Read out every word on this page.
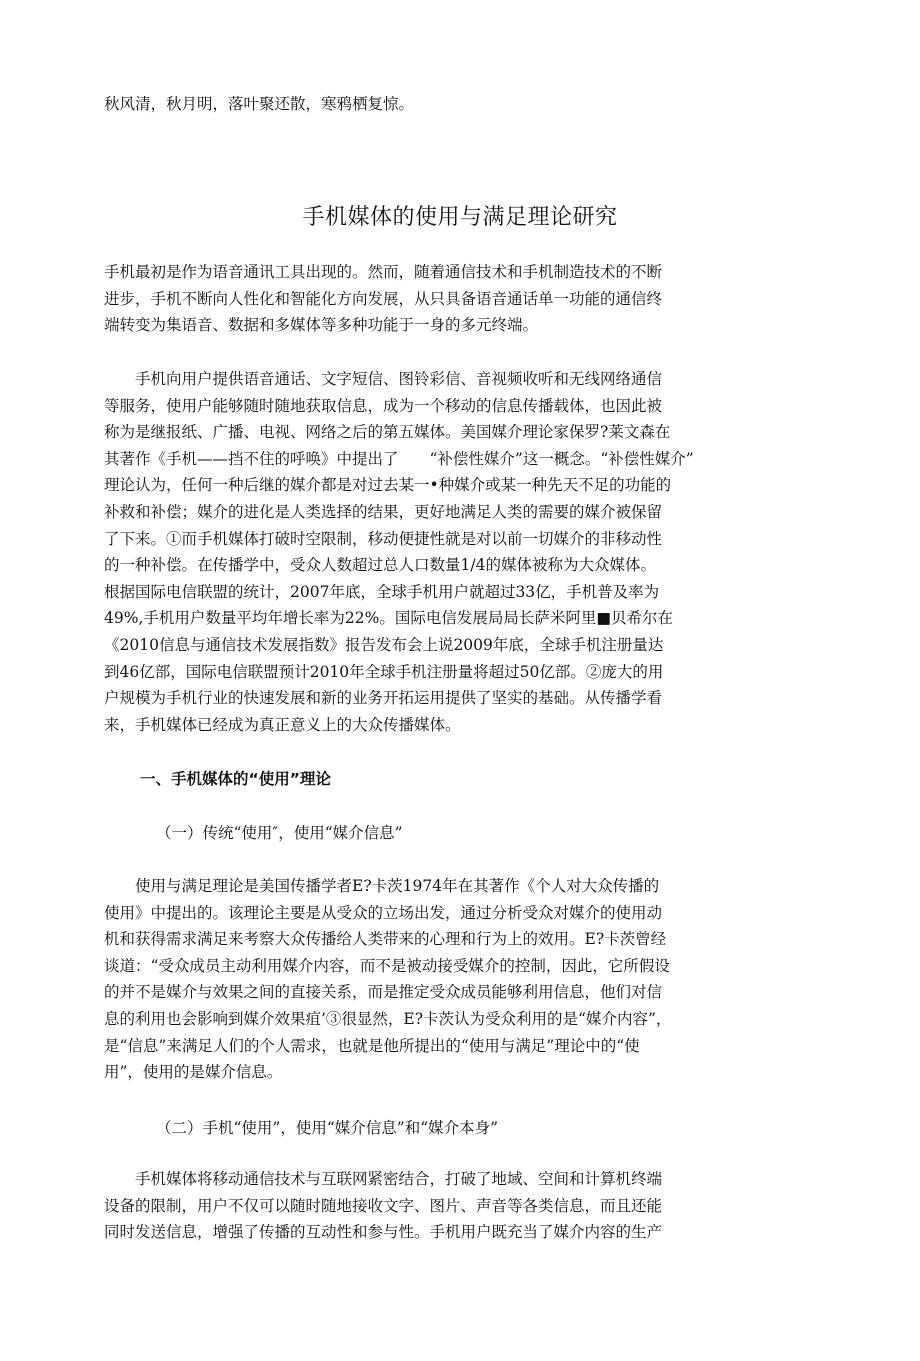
秋风清，秋月明，落叶聚还散，寒鸦栖复惊。
手机媒体的使用与满足理论研究
手机最初是作为语音通讯工具出现的。然而，随着通信技术和手机制造技术的不断
进步，手机不断向人性化和智能化方向发展，从只具备语音通话单一功能的通信终
端转变为集语音、数据和多媒体等多种功能于一身的多元终端。
　　手机向用户提供语音通话、文字短信、图铃彩信、音视频收听和无线网络通信
等服务，使用户能够随时随地获取信息，成为一个移动的信息传播载体，也因此被
称为是继报纸、广播、电视、网络之后的第五媒体。美国媒介理论家保罗?莱文森在
其著作《手机——挡不住的呼唤》中提出了　　“补偿性媒介”这一概念。“补偿性媒介”
理论认为，任何一种后继的媒介都是对过去某一•种媒介或某一种先天不足的功能的
补救和补偿；媒介的进化是人类选择的结果，更好地满足人类的需要的媒介被保留
了下来。①而手机媒体打破时空限制，移动便捷性就是对以前一切媒介的非移动性
的一种补偿。在传播学中，受众人数超过总人口数量1/4的媒体被称为大众媒体。
根据国际电信联盟的统计，2007年底，全球手机用户就超过33亿，手机普及率为
49%,手机用户数量平均年增长率为22%。国际电信发展局局长萨米阿里■贝希尔在
《2010信息与通信技术发展指数》报告发布会上说2009年底，全球手机注册量达
到46亿部，国际电信联盟预计2010年全球手机注册量将超过50亿部。②庞大的用
户规模为手机行业的快速发展和新的业务开拓运用提供了坚实的基础。从传播学看
来，手机媒体已经成为真正意义上的大众传播媒体。
一、手机媒体的“使用”理论
（一）传统“使用″，使用“媒介信息”
　　使用与满足理论是美国传播学者E?卡茨1974年在其著作《个人对大众传播的
使用》中提出的。该理论主要是从受众的立场出发，通过分析受众对媒介的使用动
机和获得需求满足来考察大众传播给人类带来的心理和行为上的效用。E?卡茨曾经
谈道：“受众成员主动利用媒介内容，而不是被动接受媒介的控制，因此，它所假设
的并不是媒介与效果之间的直接关系，而是推定受众成员能够利用信息，他们对信
息的利用也会影响到媒介效果疽’③很显然，E?卡茨认为受众利用的是“媒介内容”，
是“信息”来满足人们的个人需求，也就是他所提出的“使用与满足”理论中的“使
用”，使用的是媒介信息。
（二）手机“使用”，使用“媒介信息”和“媒介本身”
　　手机媒体将移动通信技术与互联网紧密结合，打破了地域、空间和计算机终端
设备的限制，用户不仅可以随时随地接收文字、图片、声音等各类信息，而且还能
同时发送信息，增强了传播的互动性和参与性。手机用户既充当了媒介内容的生产
